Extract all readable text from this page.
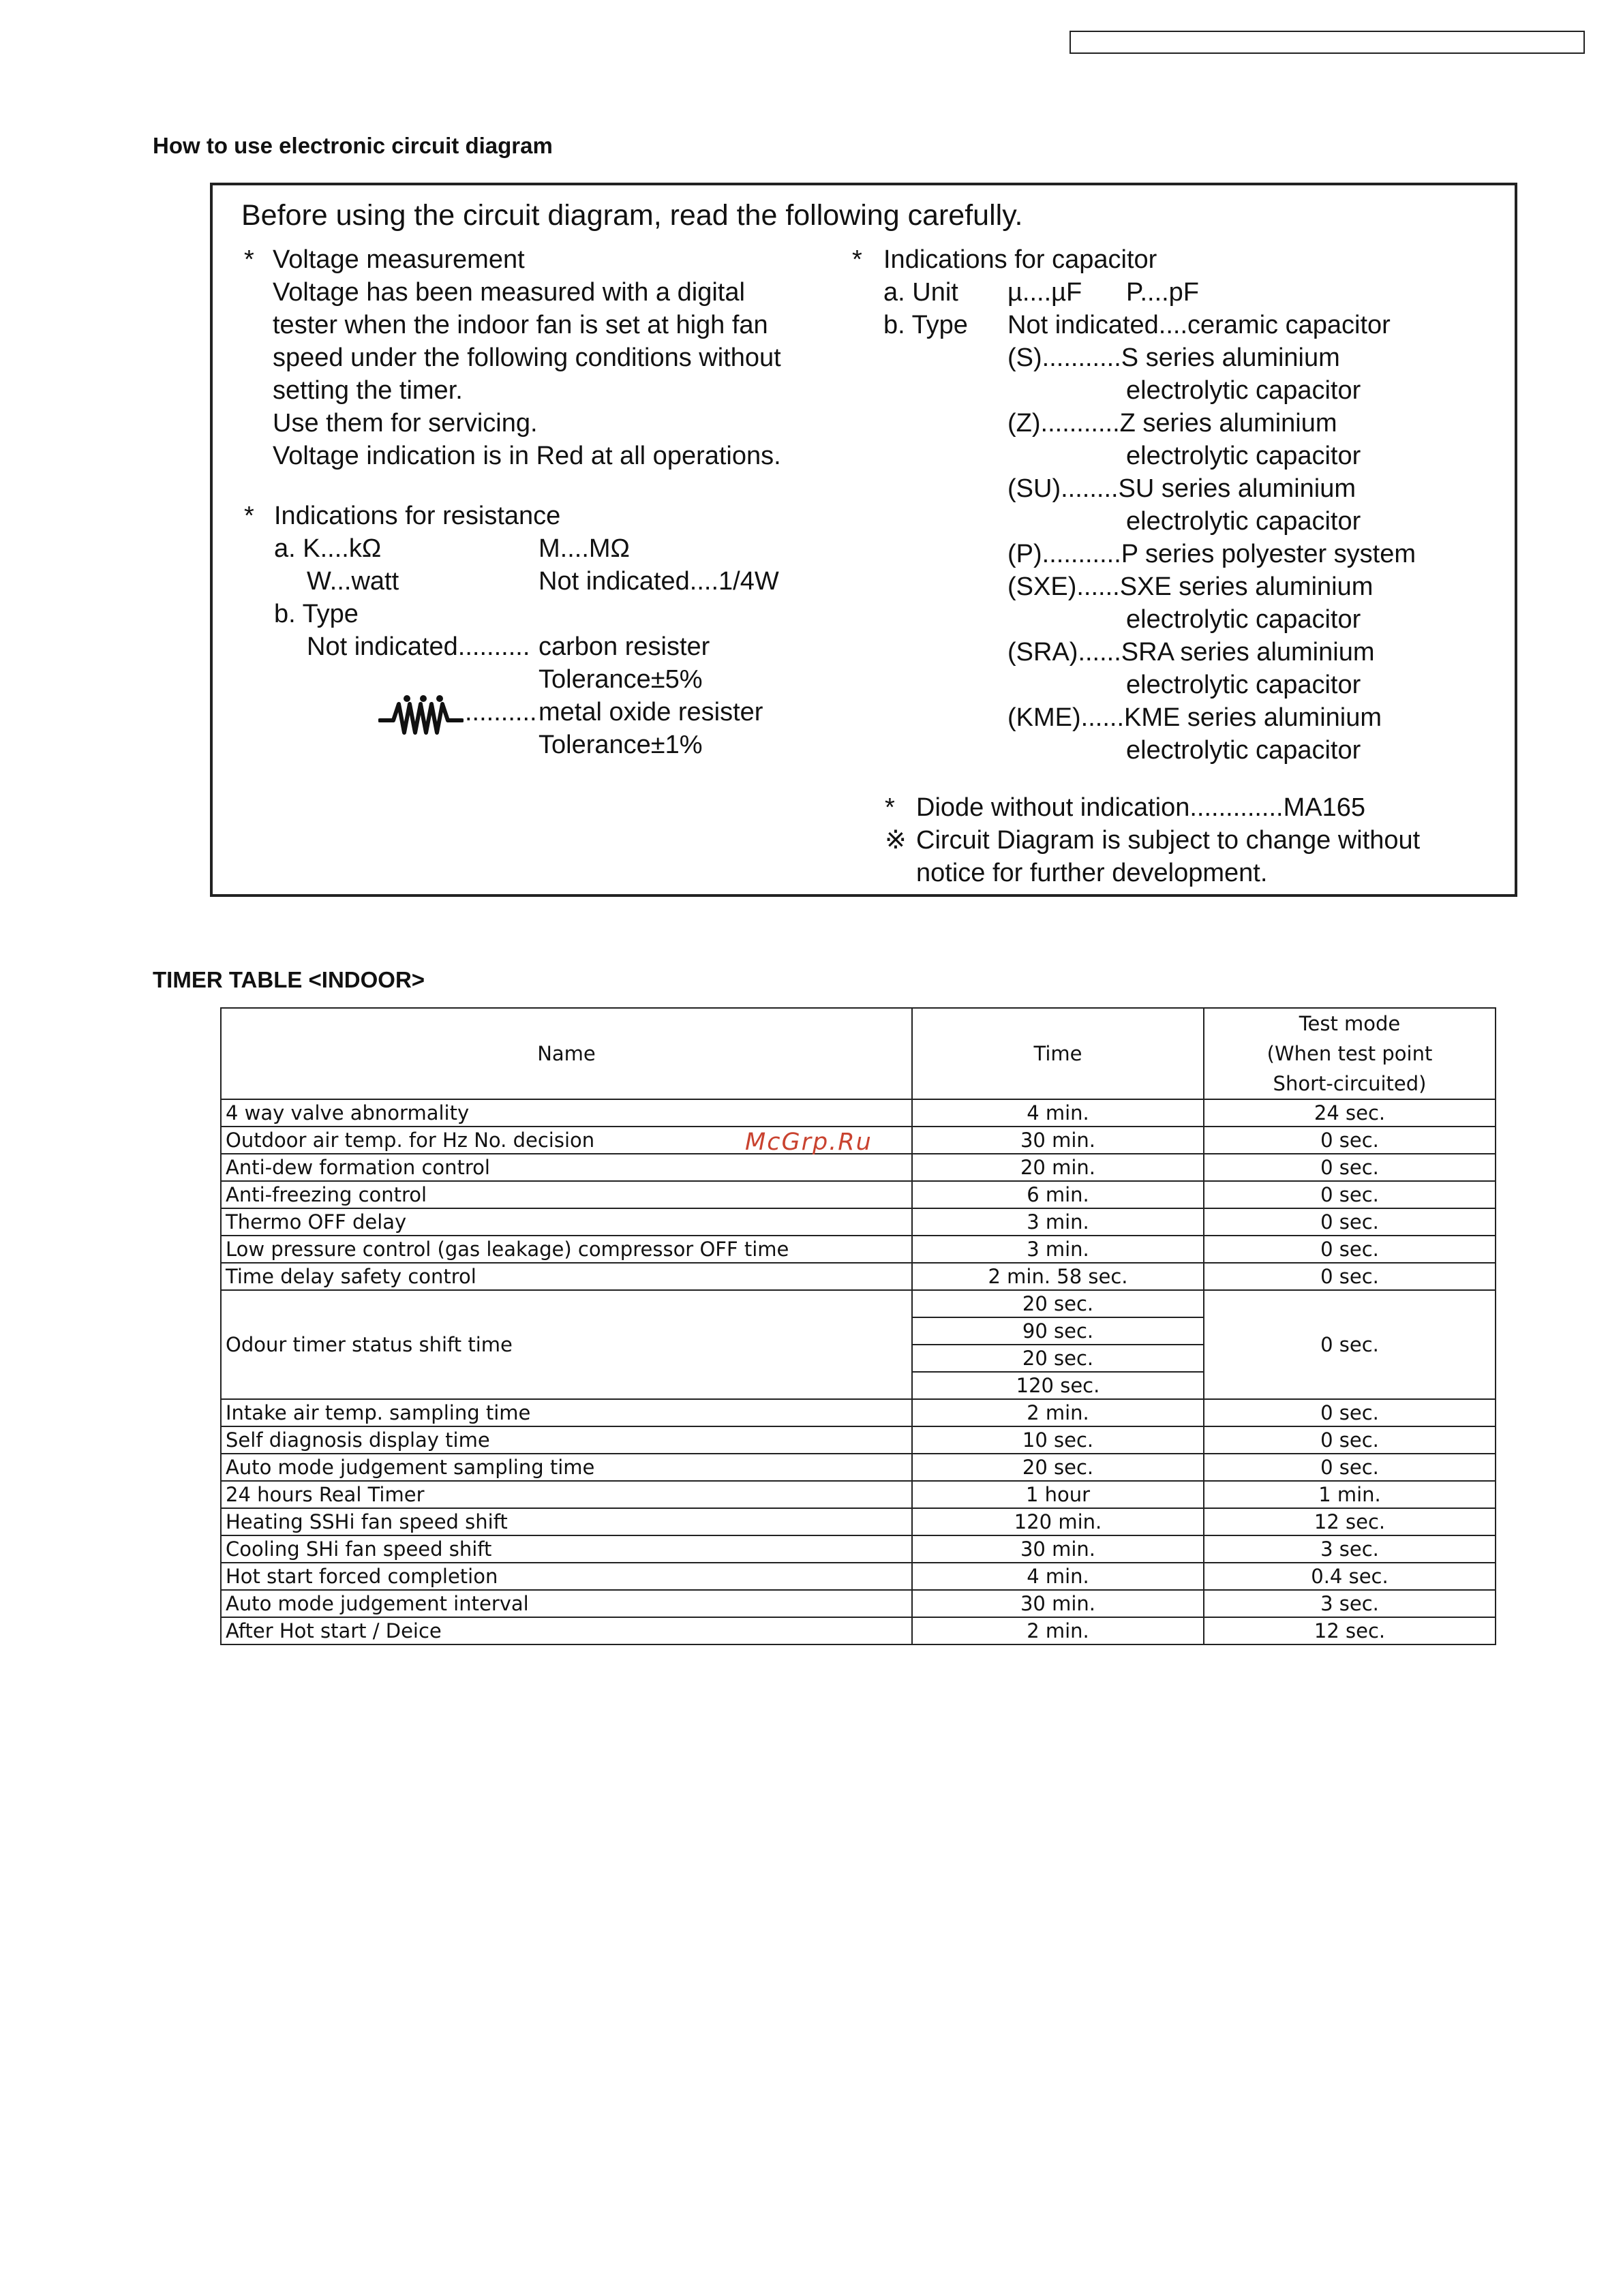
How to use electronic circuit diagram
Before using the circuit diagram, read the following carefully.
* Voltage measurement
Voltage has been measured with a digital
tester when the indoor fan is set at high fan
speed under the following conditions without
setting the timer.
Use them for servicing.
Voltage indication is in Red at all operations.
* Indications for resistance
a. K....kΩ	M....MΩ
W...watt	Not indicated....1/4W
b. Type
Not indicated.......... carbon resister
Tolerance±5%
.......... metal oxide resister
Tolerance±1%
* Indications for capacitor
a. Unit µ....µF P....pF
b. Type Not indicated....ceramic capacitor
(S)...........S series aluminium
electrolytic capacitor
(Z)...........Z series aluminium
electrolytic capacitor
(SU)........SU series aluminium
electrolytic capacitor
(P)...........P series polyester system
(SXE)......SXE series aluminium
electrolytic capacitor
(SRA)......SRA series aluminium
electrolytic capacitor
(KME)......KME series aluminium
electrolytic capacitor
* Diode without indication.............MA165
※ Circuit Diagram is subject to change without
notice for further development.
TIMER TABLE <INDOOR>
Name	Time	Test mode
(When test point
Short-circuited)

4 way valve abnormality	4 min.	24 sec.
Outdoor air temp. for Hz No. decision	30 min.	0 sec.
Anti-dew formation control	20 min.	0 sec.
Anti-freezing control	6 min.	0 sec.
Thermo OFF delay	3 min.	0 sec.
Low pressure control (gas leakage) compressor OFF time	3 min.	0 sec.
Time delay safety control	2 min. 58 sec.	0 sec.
Odour timer status shift time	20 sec.	0 sec.
	90 sec.	
	20 sec.	
	120 sec.	
Intake air temp. sampling time	2 min.	0 sec.
Self diagnosis display time	10 sec.	0 sec.
Auto mode judgement sampling time	20 sec.	0 sec.
24 hours Real Timer	1 hour	1 min.
Heating SSHi fan speed shift	120 min.	12 sec.
Cooling SHi fan speed shift	30 min.	3 sec.
Hot start forced completion	4 min.	0.4 sec.
Auto mode judgement interval	30 min.	3 sec.
After Hot start / Deice	2 min.	12 sec.
McGrp.Ru
